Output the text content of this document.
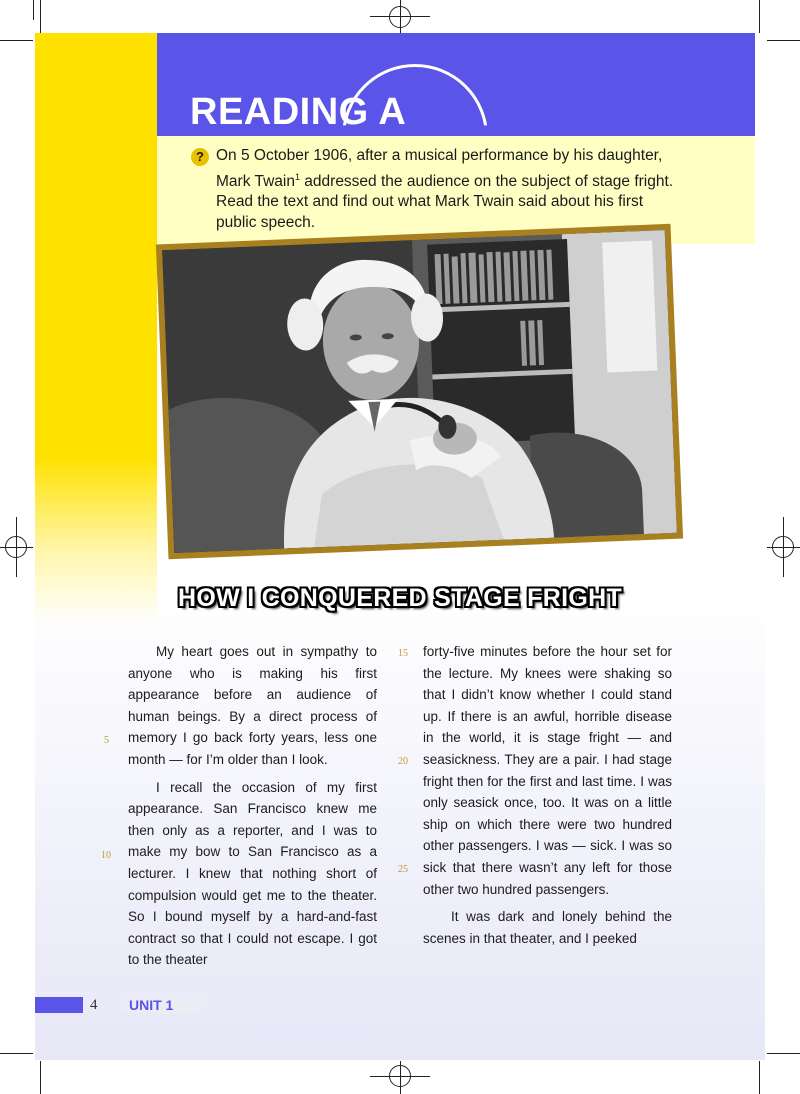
READING A
? On 5 October 1906, after a musical performance by his daughter, Mark Twain$^1$ addressed the audience on the subject of stage fright. Read the text and find out what Mark Twain said about his first public speech.

HOW I CONQUERED STAGE FRIGHT

My heart goes out in sympathy to anyone who is making his first appearance before an audience of human beings. By a direct process of memory I go back forty years, less one month — for I’m older than I look.

I recall the occasion of my first appearance. San Francisco knew me then only as a reporter, and I was to make my bow to San Francisco as a lecturer. I knew that nothing short of compulsion would get me to the theater. So I bound myself by a hard-and-fast contract so that I could not escape. I got to the theater

forty-five minutes before the hour set for the lecture. My knees were shaking so that I didn’t know whether I could stand up. If there is an awful, horrible disease in the world, it is stage fright — and seasickness. They are a pair. I had stage fright then for the first and last time. I was only seasick once, too. It was on a little ship on which there were two hundred other passengers. I was — sick. I was so sick that there wasn’t any left for those other two hundred passengers.

It was dark and lonely behind the scenes in that theater, and I peeked

5
10
15
20
25
4 UNIT 1
